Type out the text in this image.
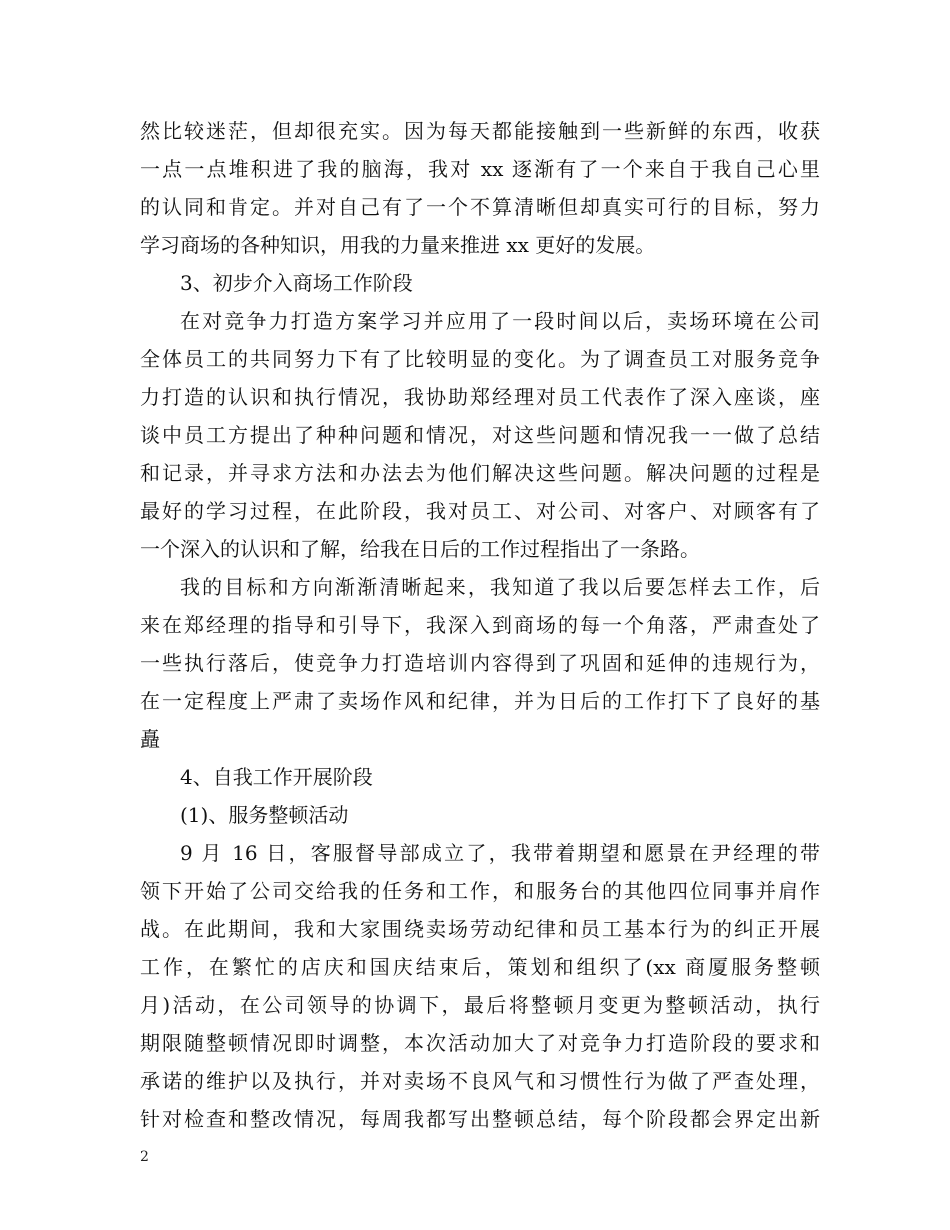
然比较迷茫，但却很充实。因为每天都能接触到一些新鲜的东西，收获
一点一点堆积进了我的脑海，我对 xx 逐渐有了一个来自于我自己心里
的认同和肯定。并对自己有了一个不算清晰但却真实可行的目标，努力
学习商场的各种知识，用我的力量来推进 xx 更好的发展。
3、初步介入商场工作阶段
在对竞争力打造方案学习并应用了一段时间以后，卖场环境在公司
全体员工的共同努力下有了比较明显的变化。为了调查员工对服务竞争
力打造的认识和执行情况，我协助郑经理对员工代表作了深入座谈，座
谈中员工方提出了种种问题和情况，对这些问题和情况我一一做了总结
和记录，并寻求方法和办法去为他们解决这些问题。解决问题的过程是
最好的学习过程，在此阶段，我对员工、对公司、对客户、对顾客有了
一个深入的认识和了解，给我在日后的工作过程指出了一条路。
我的目标和方向渐渐清晰起来，我知道了我以后要怎样去工作，后
来在郑经理的指导和引导下，我深入到商场的每一个角落，严肃查处了
一些执行落后，使竞争力打造培训内容得到了巩固和延伸的违规行为，
在一定程度上严肃了卖场作风和纪律，并为日后的工作打下了良好的基
矗
4、自我工作开展阶段
(1)、服务整顿活动
9 月 16 日，客服督导部成立了，我带着期望和愿景在尹经理的带
领下开始了公司交给我的任务和工作，和服务台的其他四位同事并肩作
战。在此期间，我和大家围绕卖场劳动纪律和员工基本行为的纠正开展
工作，在繁忙的店庆和国庆结束后，策划和组织了(xx 商厦服务整顿
月)活动，在公司领导的协调下，最后将整顿月变更为整顿活动，执行
期限随整顿情况即时调整，本次活动加大了对竞争力打造阶段的要求和
承诺的维护以及执行，并对卖场不良风气和习惯性行为做了严查处理，
针对检查和整改情况，每周我都写出整顿总结，每个阶段都会界定出新
2
